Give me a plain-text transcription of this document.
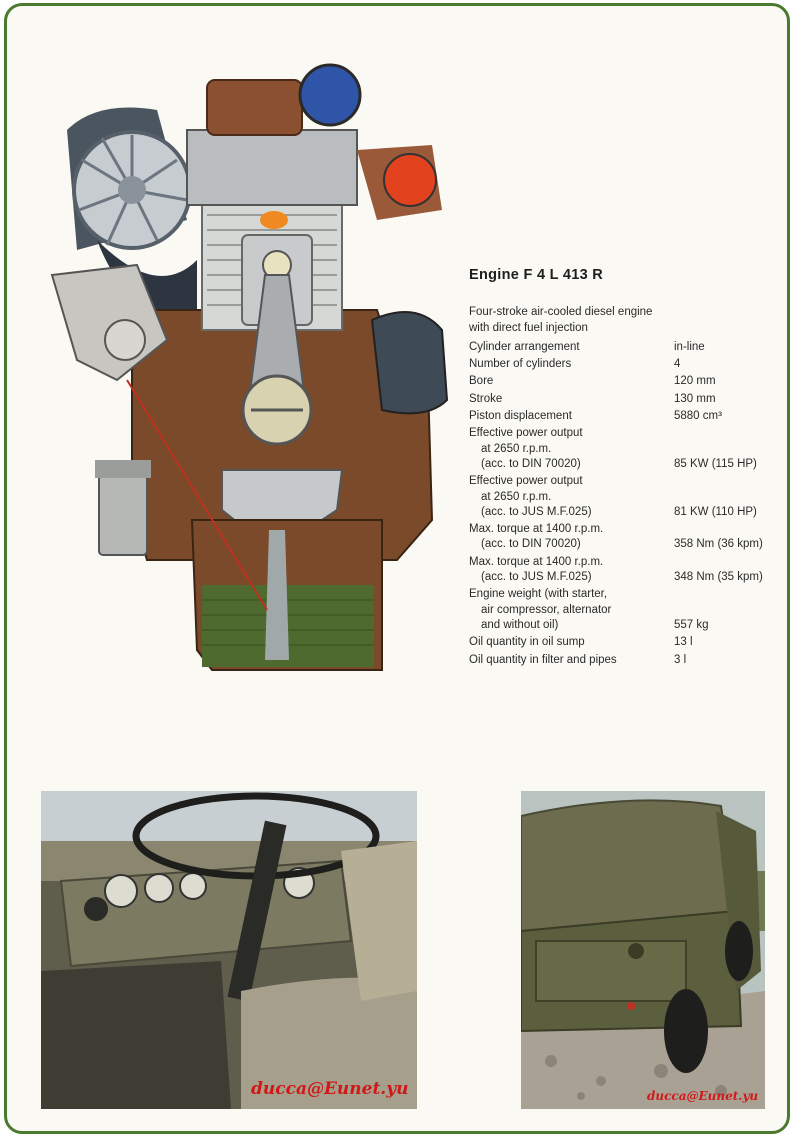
Engine F 4 L 413 R
Four-stroke air-cooled diesel engine
with direct fuel injection
Cylinder arrangement	in-line
Number of cylinders	4
Bore	120 mm
Stroke	130 mm
Piston displacement	5880 cm³
Effective power output
at 2650 r.p.m.
(acc. to DIN 70020)	85 KW (115 HP)
Effective power output
at 2650 r.p.m.
(acc. to JUS M.F.025)	81 KW (110 HP)
Max. torque at 1400 r.p.m.
(acc. to DIN 70020)	358 Nm (36 kpm)
Max. torque at 1400 r.p.m.
(acc. to JUS M.F.025)	348 Nm (35 kpm)
Engine weight (with starter,
air compressor, alternator
and without oil)	557 kg
Oil quantity in oil sump	13 l
Oil quantity in filter and pipes	3 l
ducca@Eunet.yu	ducca@Eunet.yu
